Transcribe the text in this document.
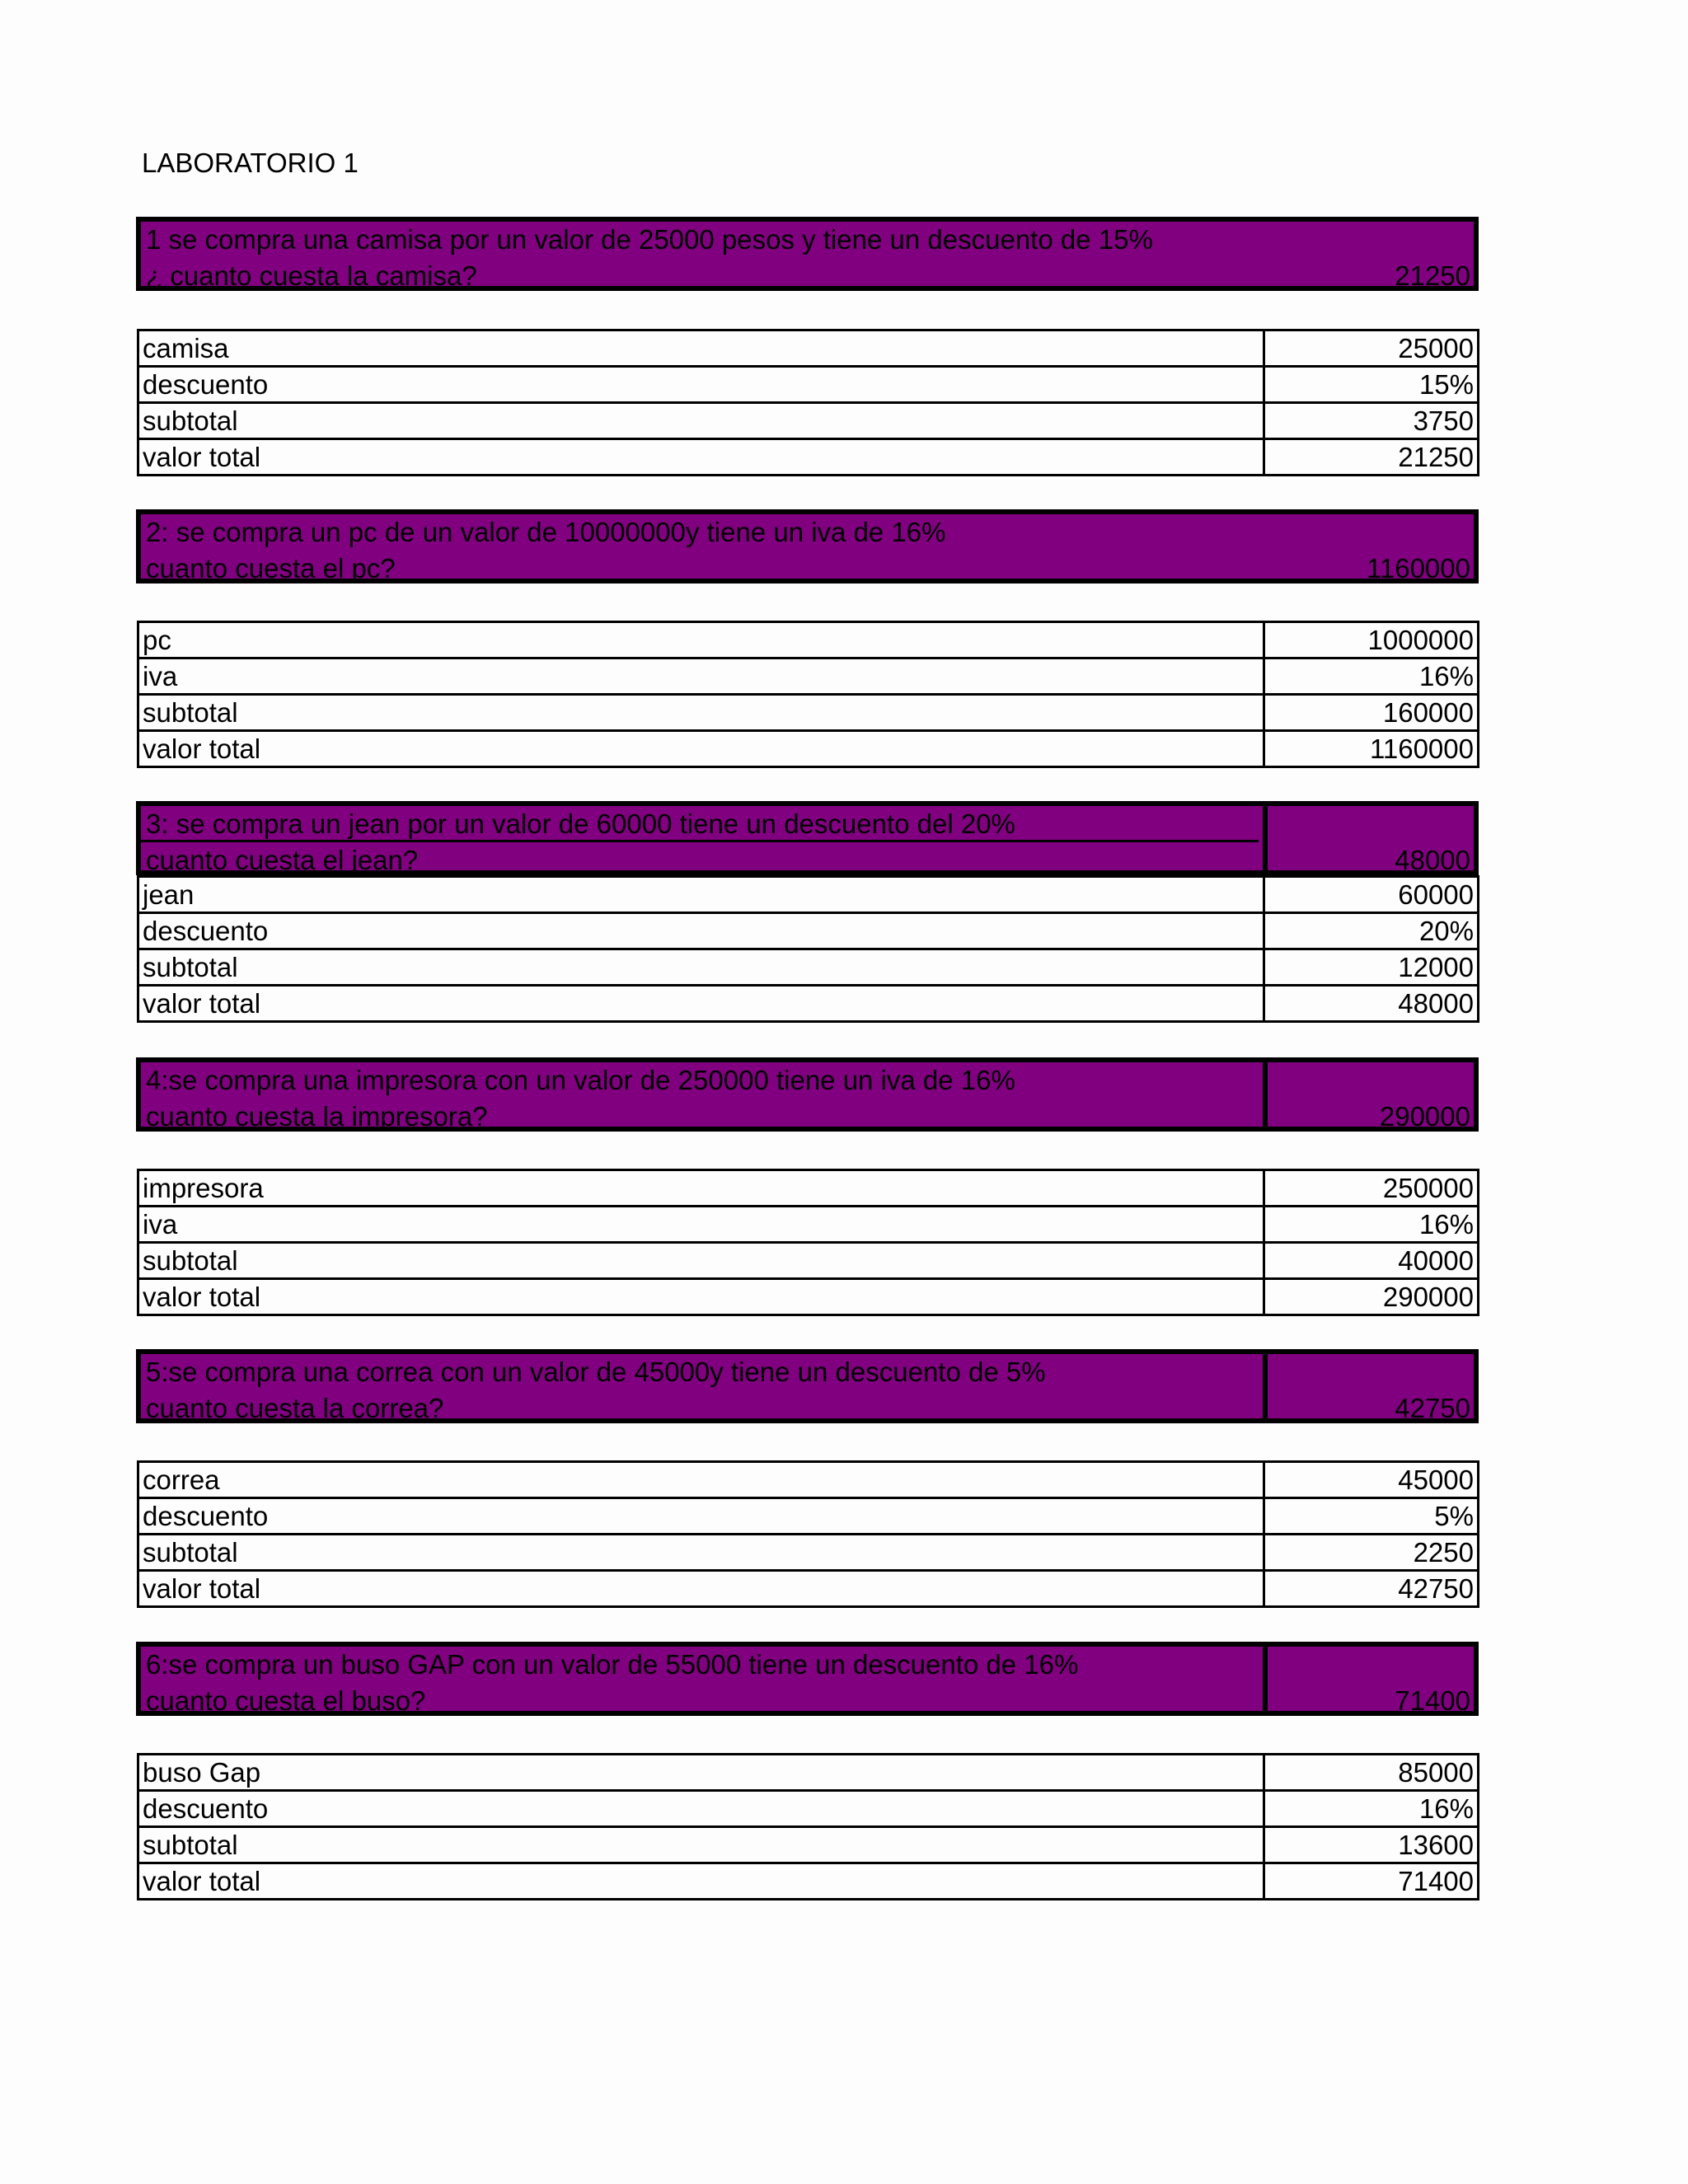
LABORATORIO 1
1 se compra una camisa por un valor de 25000 pesos y tiene un descuento de 15%
¿ cuanto cuesta la camisa?	21250
camisa	25000
descuento	15%
subtotal	3750
valor total	21250
2: se compra un pc de un valor de 10000000y tiene un iva de 16%
cuanto cuesta el pc?	1160000
pc	1000000
iva	16%
subtotal	160000
valor total	1160000
3: se compra un jean por un valor de 60000 tiene un descuento del 20%
cuanto cuesta el jean?	48000
jean	60000
descuento	20%
subtotal	12000
valor total	48000
4:se compra una impresora con un valor de 250000 tiene un iva de 16%
cuanto cuesta la impresora?	290000
impresora	250000
iva	16%
subtotal	40000
valor total	290000
5:se compra una correa con un valor de 45000y tiene un descuento de 5%
cuanto cuesta la correa?	42750
correa	45000
descuento	5%
subtotal	2250
valor total	42750
6:se compra un buso GAP con un valor de 55000 tiene un descuento de 16%
cuanto cuesta el buso?	71400
buso Gap	85000
descuento	16%
subtotal	13600
valor total	71400
